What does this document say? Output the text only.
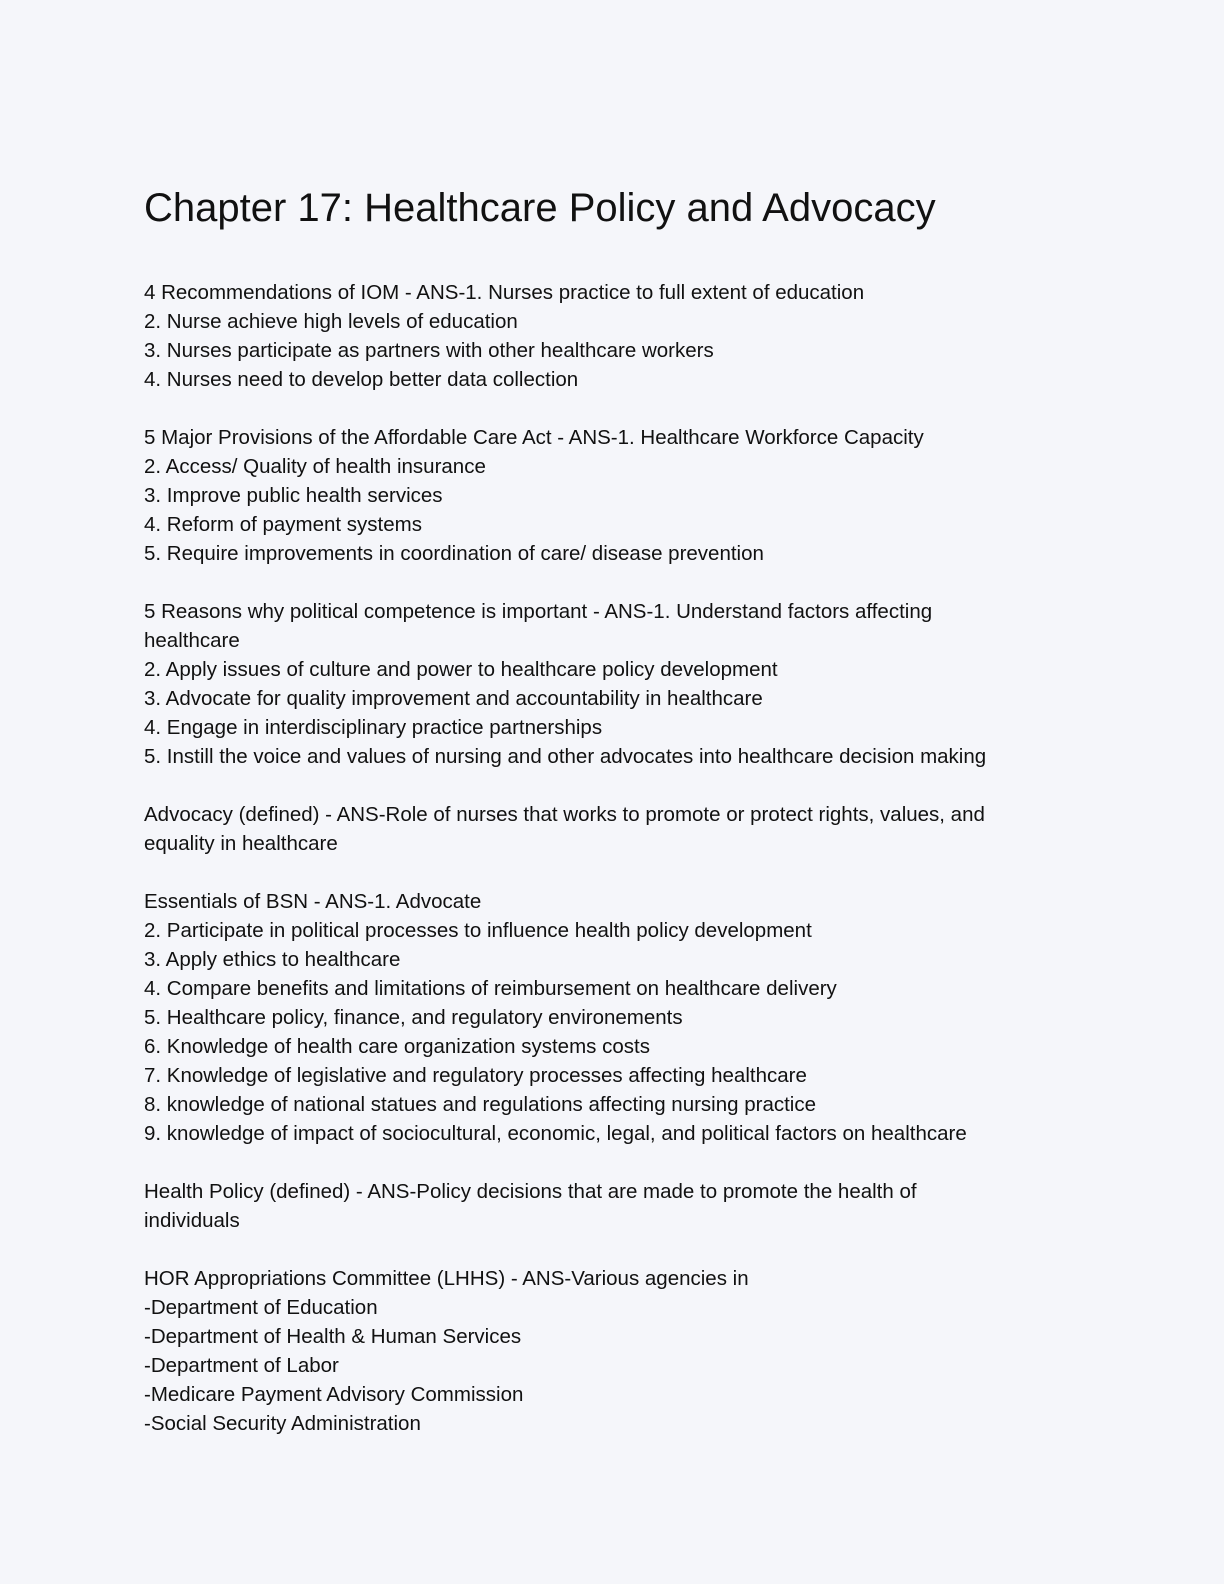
Chapter 17: Healthcare Policy and Advocacy
4 Recommendations of IOM - ANS-1. Nurses practice to full extent of education
2. Nurse achieve high levels of education
3. Nurses participate as partners with other healthcare workers
4. Nurses need to develop better data collection
5 Major Provisions of the Affordable Care Act - ANS-1. Healthcare Workforce Capacity
2. Access/ Quality of health insurance
3. Improve public health services
4. Reform of payment systems
5. Require improvements in coordination of care/ disease prevention
5 Reasons why political competence is important - ANS-1. Understand factors affecting
healthcare
2. Apply issues of culture and power to healthcare policy development
3. Advocate for quality improvement and accountability in healthcare
4. Engage in interdisciplinary practice partnerships
5. Instill the voice and values of nursing and other advocates into healthcare decision making
Advocacy (defined) - ANS-Role of nurses that works to promote or protect rights, values, and
equality in healthcare
Essentials of BSN - ANS-1. Advocate
2. Participate in political processes to influence health policy development
3. Apply ethics to healthcare
4. Compare benefits and limitations of reimbursement on healthcare delivery
5. Healthcare policy, finance, and regulatory environements
6. Knowledge of health care organization systems costs
7. Knowledge of legislative and regulatory processes affecting healthcare
8. knowledge of national statues and regulations affecting nursing practice
9. knowledge of impact of sociocultural, economic, legal, and political factors on healthcare
Health Policy (defined) - ANS-Policy decisions that are made to promote the health of
individuals
HOR Appropriations Committee (LHHS) - ANS-Various agencies in
-Department of Education
-Department of Health & Human Services
-Department of Labor
-Medicare Payment Advisory Commission
-Social Security Administration
